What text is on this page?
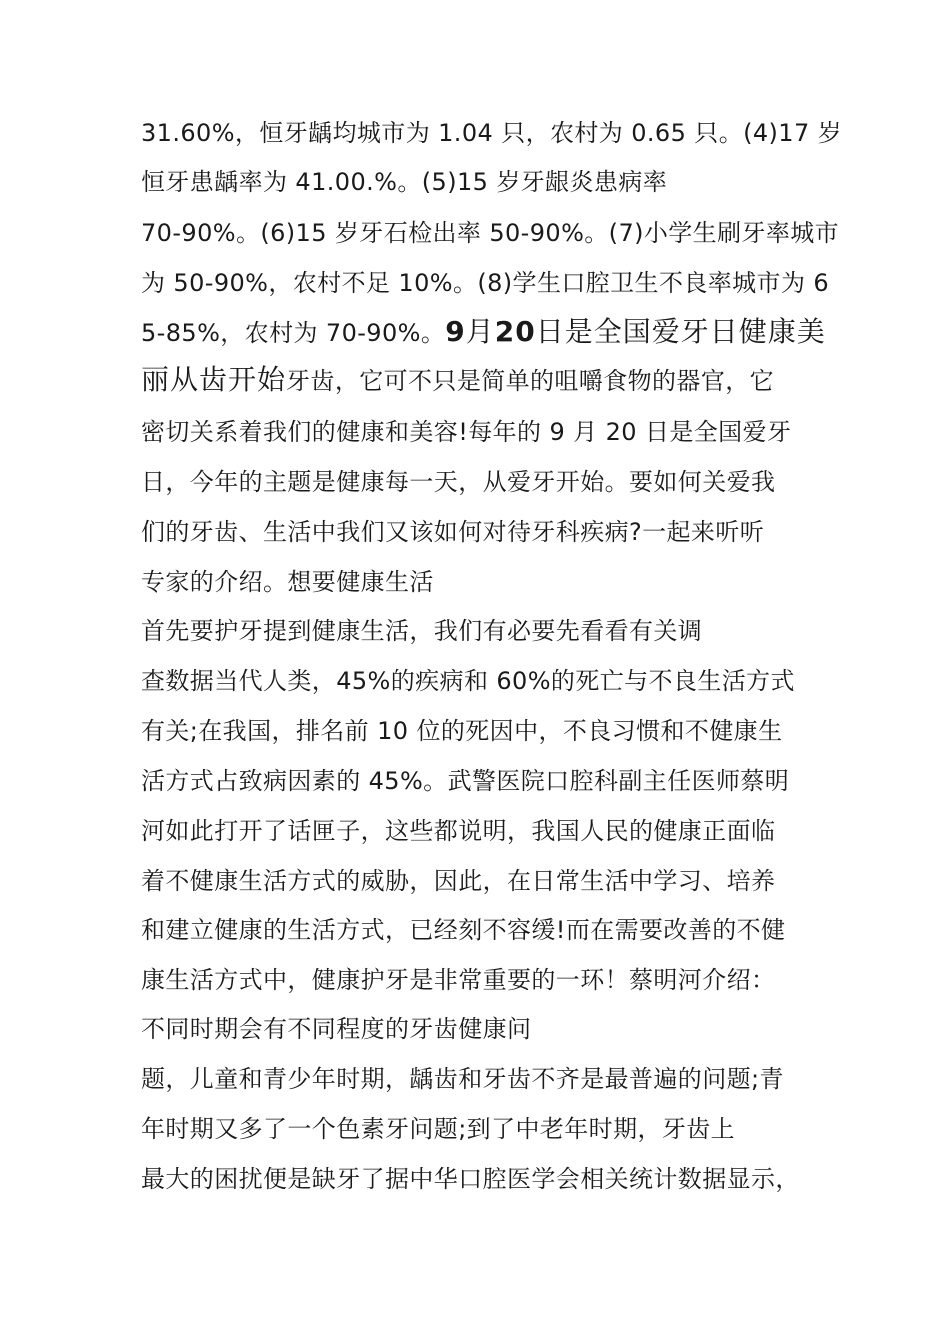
31.60%，恒牙龋均城市为 1.04 只，农村为 0.65 只。(4)17 岁
恒牙患龋率为 41.00.%。(5)15 岁牙龈炎患病率
70-90%。(6)15 岁牙石检出率 50-90%。(7)小学生刷牙率城市
为 50-90%，农村不足 10%。(8)学生口腔卫生不良率城市为 6
5-85%，农村为 70-90%。9月20日是全国爱牙日健康美
丽从齿开始牙齿，它可不只是简单的咀嚼食物的器官，它
密切关系着我们的健康和美容!每年的 9 月 20 日是全国爱牙
日，今年的主题是健康每一天，从爱牙开始。要如何关爱我
们的牙齿、生活中我们又该如何对待牙科疾病?一起来听听
专家的介绍。想要健康生活
首先要护牙提到健康生活，我们有必要先看看有关调
查数据当代人类，45%的疾病和 60%的死亡与不良生活方式
有关;在我国，排名前 10 位的死因中，不良习惯和不健康生
活方式占致病因素的 45%。武警医院口腔科副主任医师蔡明
河如此打开了话匣子，这些都说明，我国人民的健康正面临
着不健康生活方式的威胁，因此，在日常生活中学习、培养
和建立健康的生活方式，已经刻不容缓!而在需要改善的不健
康生活方式中，健康护牙是非常重要的一环！蔡明河介绍：
不同时期会有不同程度的牙齿健康问
题，儿童和青少年时期，龋齿和牙齿不齐是最普遍的问题;青
年时期又多了一个色素牙问题;到了中老年时期，牙齿上
最大的困扰便是缺牙了据中华口腔医学会相关统计数据显示，
